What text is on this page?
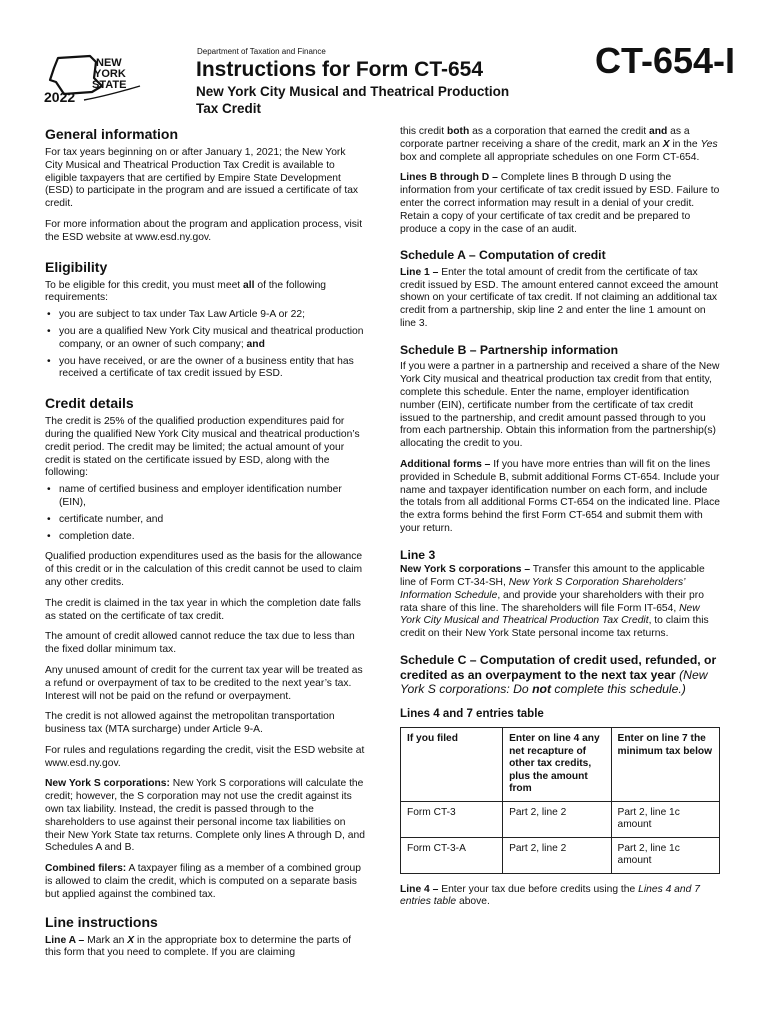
NEW
YORK
STATE
2022
Department of Taxation and Finance
Instructions for Form CT-654	CT-654-I
New York City Musical and Theatrical Production
Tax Credit
General information

For tax years beginning on or after January 1, 2021; the New York City Musical and Theatrical Production Tax Credit is available to eligible taxpayers that are certified by Empire State Development (ESD) to participate in the program and are issued a certificate of tax credit.

For more information about the program and application process, visit the ESD website at www.esd.ny.gov.

Eligibility

To be eligible for this credit, you must meet all of the following requirements:

• you are subject to tax under Tax Law Article 9-A or 22;
• you are a qualified New York City musical and theatrical production company, or an owner of such company; and
• you have received, or are the owner of a business entity that has received a certificate of tax credit issued by ESD.
Credit details

The credit is 25% of the qualified production expenditures paid for during the qualified New York City musical and theatrical production’s credit period. The credit may be limited; the actual amount of your credit is stated on the certificate issued by ESD, along with the following:

• name of certified business and employer identification number (EIN),
• certificate number, and
• completion date.

Qualified production expenditures used as the basis for the allowance of this credit or in the calculation of this credit cannot be used to claim any other credits.

The credit is claimed in the tax year in which the completion date falls as stated on the certificate of tax credit.

The amount of credit allowed cannot reduce the tax due to less than the fixed dollar minimum tax.

Any unused amount of credit for the current tax year will be treated as a refund or overpayment of tax to be credited to the next year’s tax. Interest will not be paid on the refund or overpayment.

The credit is not allowed against the metropolitan transportation business tax (MTA surcharge) under Article 9-A.

For rules and regulations regarding the credit, visit the ESD website at www.esd.ny.gov.

New York S corporations: New York S corporations will calculate the credit; however, the S corporation may not use the credit against its own tax liability. Instead, the credit is passed through to the shareholders to use against their personal income tax liabilities on their New York State tax returns. Complete only lines A through D, and Schedules A and B.

Combined filers: A taxpayer filing as a member of a combined group is allowed to claim the credit, which is computed on a separate basis but applied against the combined tax.

Line instructions

Line A – Mark an X in the appropriate box to determine the parts of this form that you need to complete. If you are claiming

this credit both as a corporation that earned the credit and as a corporate partner receiving a share of the credit, mark an X in the Yes box and complete all appropriate schedules on one Form CT-654.

Lines B through D – Complete lines B through D using the information from your certificate of tax credit issued by ESD. Failure to enter the correct information may result in a denial of your credit. Retain a copy of your certificate of tax credit and be prepared to produce a copy in the case of an audit.

Schedule A – Computation of credit

Line 1 – Enter the total amount of credit from the certificate of tax credit issued by ESD. The amount entered cannot exceed the amount shown on your certificate of tax credit. If not claiming an additional tax credit from a partnership, skip line 2 and enter the line 1 amount on line 3.

Schedule B – Partnership information

If you were a partner in a partnership and received a share of the New York City musical and theatrical production tax credit from that entity, complete this schedule. Enter the name, employer identification number (EIN), certificate number from the certificate of tax credit issued to the partnership, and credit amount passed through to you from each partnership. Obtain this information from the partnership(s) allocating the credit to you.

Additional forms – If you have more entries than will fit on the lines provided in Schedule B, submit additional Forms CT-654. Include your name and taxpayer identification number on each form, and include the totals from all additional Forms CT-654 on the indicated line. Place the extra forms behind the first Form CT-654 and submit them with your return.

Line 3

New York S corporations – Transfer this amount to the applicable line of Form CT-34-SH, New York S Corporation Shareholders’ Information Schedule, and provide your shareholders with their pro rata share of this line. The shareholders will file Form IT-654, New York City Musical and Theatrical Production Tax Credit, to claim this credit on their New York State personal income tax returns.

Schedule C – Computation of credit used, refunded, or credited as an overpayment to the next tax year (New York S corporations: Do not complete this schedule.)
Lines 4 and 7 entries table
If you filed	Enter on line 4 any net recapture of other tax credits, plus the amount from	Enter on line 7 the minimum tax below
Form CT-3	Part 2, line 2	Part 2, line 1c amount
Form CT-3-A	Part 2, line 2	Part 2, line 1c amount

Line 4 – Enter your tax due before credits using the Lines 4 and 7 entries table above.
